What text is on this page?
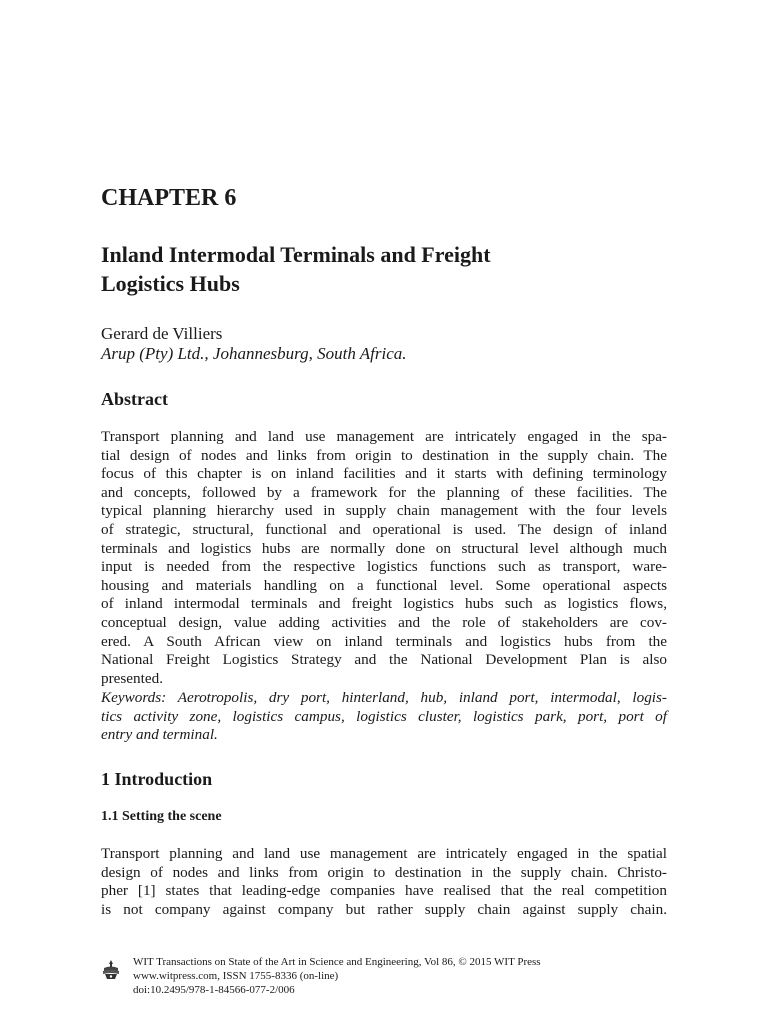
CHAPTER 6
Inland Intermodal Terminals and Freight
Logistics Hubs
Gerard de Villiers
Arup (Pty) Ltd., Johannesburg, South Africa.
Abstract
Transport planning and land use management are intricately engaged in the spa-
tial design of nodes and links from origin to destination in the supply chain. The
focus of this chapter is on inland facilities and it starts with defining terminology
and concepts, followed by a framework for the planning of these facilities. The
typical planning hierarchy used in supply chain management with the four levels
of strategic, structural, functional and operational is used. The design of inland
terminals and logistics hubs are normally done on structural level although much
input is needed from the respective logistics functions such as transport, ware-
housing and materials handling on a functional level. Some operational aspects
of inland intermodal terminals and freight logistics hubs such as logistics flows,
conceptual design, value adding activities and the role of stakeholders are cov-
ered. A South African view on inland terminals and logistics hubs from the
National Freight Logistics Strategy and the National Development Plan is also
presented.
Keywords: Aerotropolis, dry port, hinterland, hub, inland port, intermodal, logis-
tics activity zone, logistics campus, logistics cluster, logistics park, port, port of
entry and terminal.
1 Introduction
1.1 Setting the scene
Transport planning and land use management are intricately engaged in the spatial
design of nodes and links from origin to destination in the supply chain. Christo-
pher [1] states that leading-edge companies have realised that the real competition
is not company against company but rather supply chain against supply chain.
WIT Transactions on State of the Art in Science and Engineering, Vol 86, © 2015 WIT Press
www.witpress.com, ISSN 1755-8336 (on-line)
doi:10.2495/978-1-84566-077-2/006
